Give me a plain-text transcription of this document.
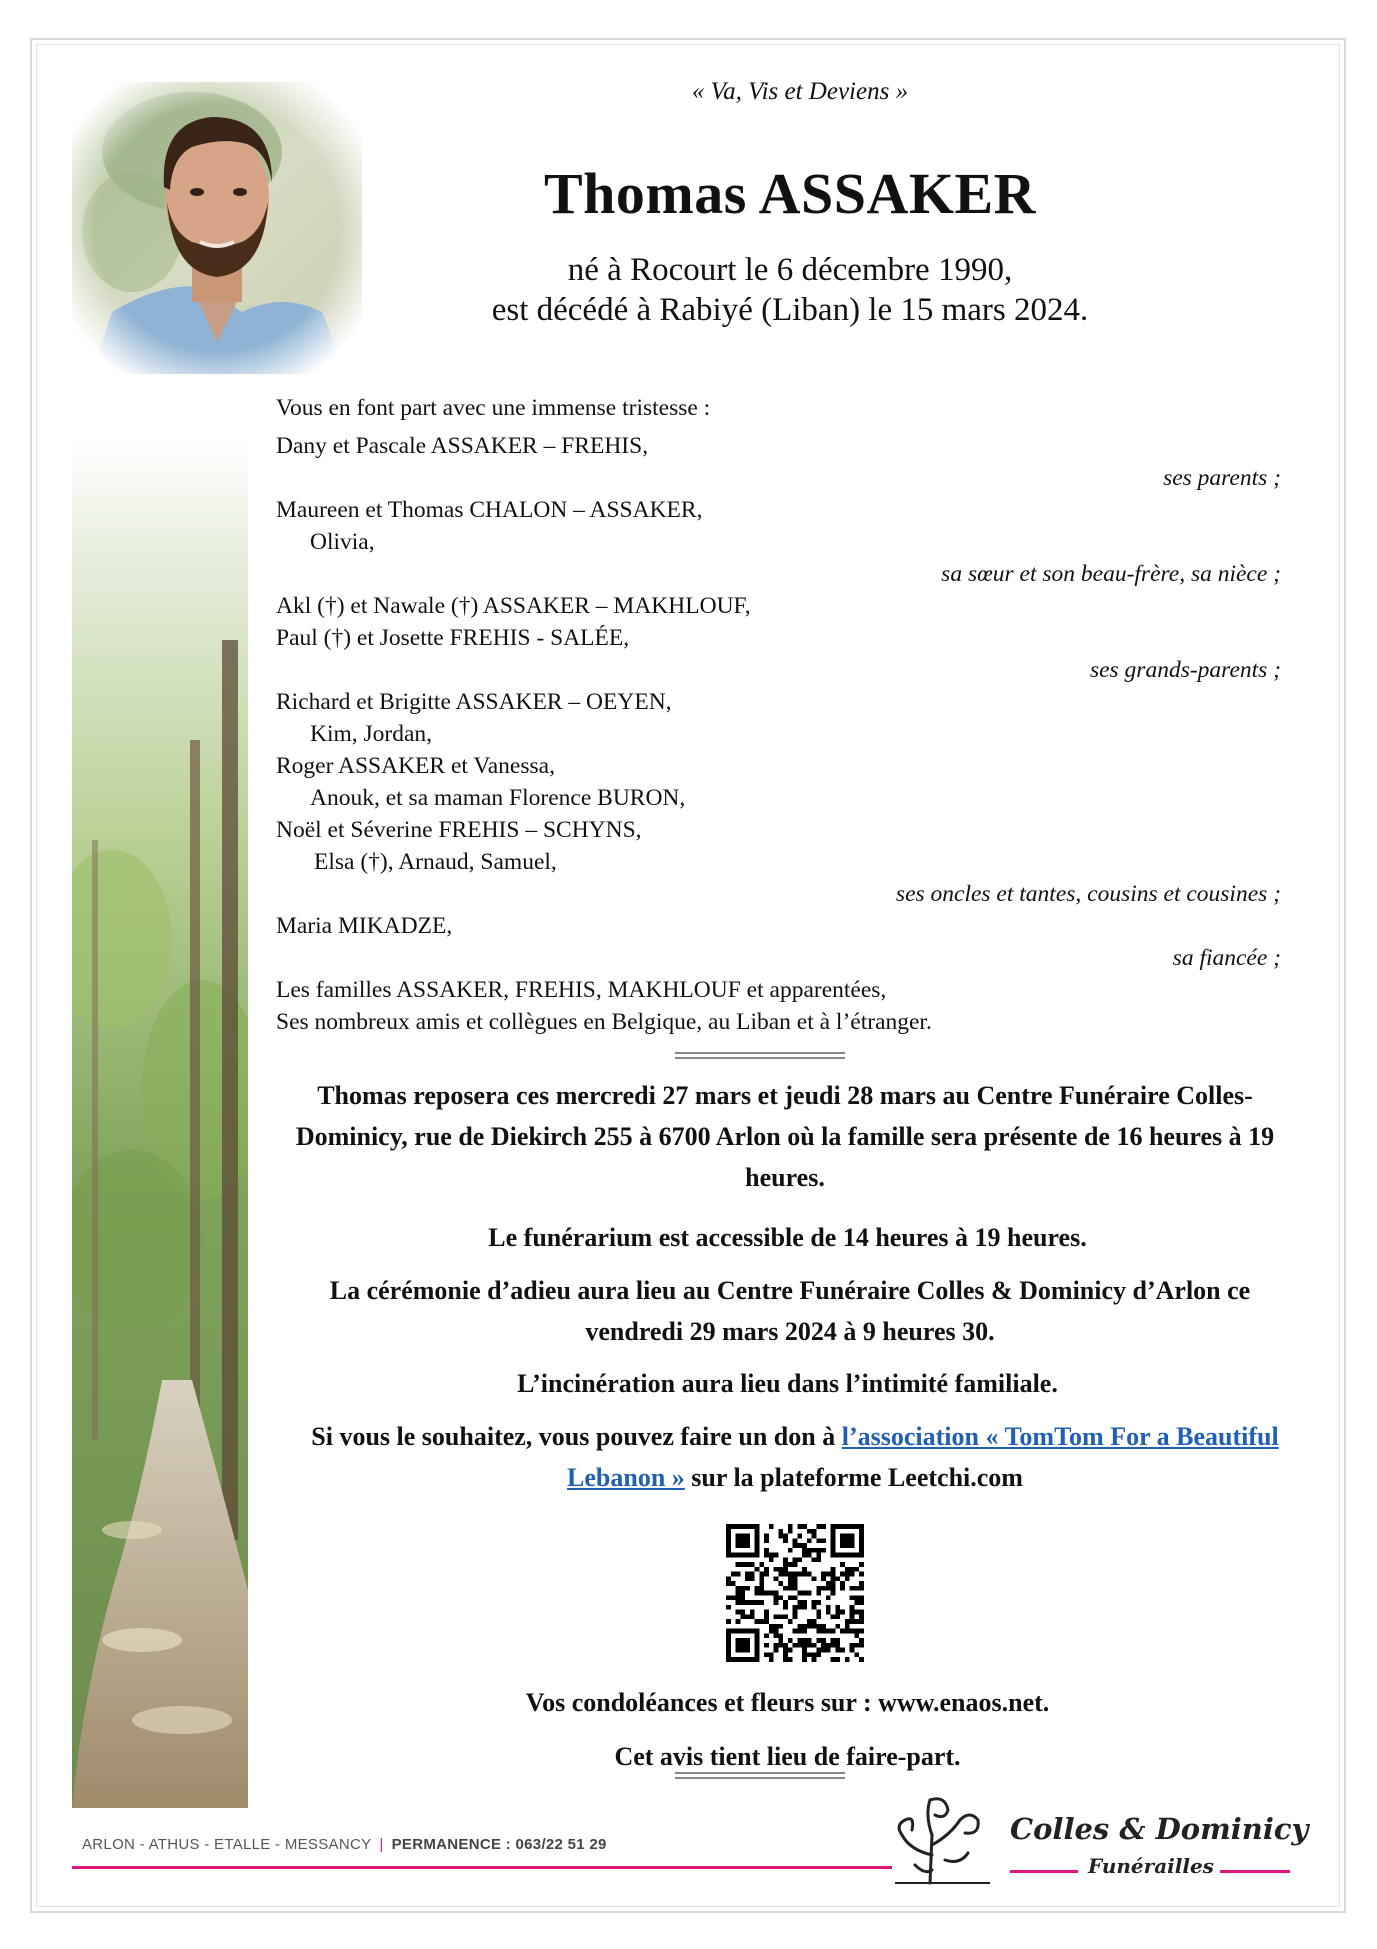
« Va, Vis et Deviens »
Thomas ASSAKER
né à Rocourt le 6 décembre 1990,
est décédé à Rabiyé (Liban) le 15 mars 2024.
Vous en font part avec une immense tristesse :
Dany et Pascale ASSAKER – FREHIS,
ses parents ;
Maureen et Thomas CHALON – ASSAKER,
Olivia,
sa sœur et son beau-frère, sa nièce ;
Akl (†) et Nawale (†) ASSAKER – MAKHLOUF,
Paul (†) et Josette FREHIS - SALÉE,
ses grands-parents ;
Richard et Brigitte ASSAKER – OEYEN,
Kim, Jordan,
Roger ASSAKER et Vanessa,
Anouk, et sa maman Florence BURON,
Noël et Séverine FREHIS – SCHYNS,
Elsa (†), Arnaud, Samuel,
ses oncles et tantes, cousins et cousines ;
Maria MIKADZE,
sa fiancée ;
Les familles ASSAKER, FREHIS, MAKHLOUF et apparentées,
Ses nombreux amis et collègues en Belgique, au Liban et à l’étranger.
Thomas reposera ces mercredi 27 mars et jeudi 28 mars au Centre Funéraire Colles-Dominicy, rue de Diekirch 255 à 6700 Arlon où la famille sera présente de 16 heures à 19 heures.
Le funérarium est accessible de 14 heures à 19 heures.
La cérémonie d’adieu aura lieu au Centre Funéraire Colles & Dominicy d’Arlon ce vendredi 29 mars 2024 à 9 heures 30.
L’incinération aura lieu dans l’intimité familiale.
Si vous le souhaitez, vous pouvez faire un don à l’association « TomTom For a Beautiful Lebanon » sur la plateforme Leetchi.com
Vos condoléances et fleurs sur : www.enaos.net.
Cet avis tient lieu de faire-part.
ARLON - ATHUS - ETALLE - MESSANCY | PERMANENCE : 063/22 51 29	Colles & Dominicy
Funérailles
